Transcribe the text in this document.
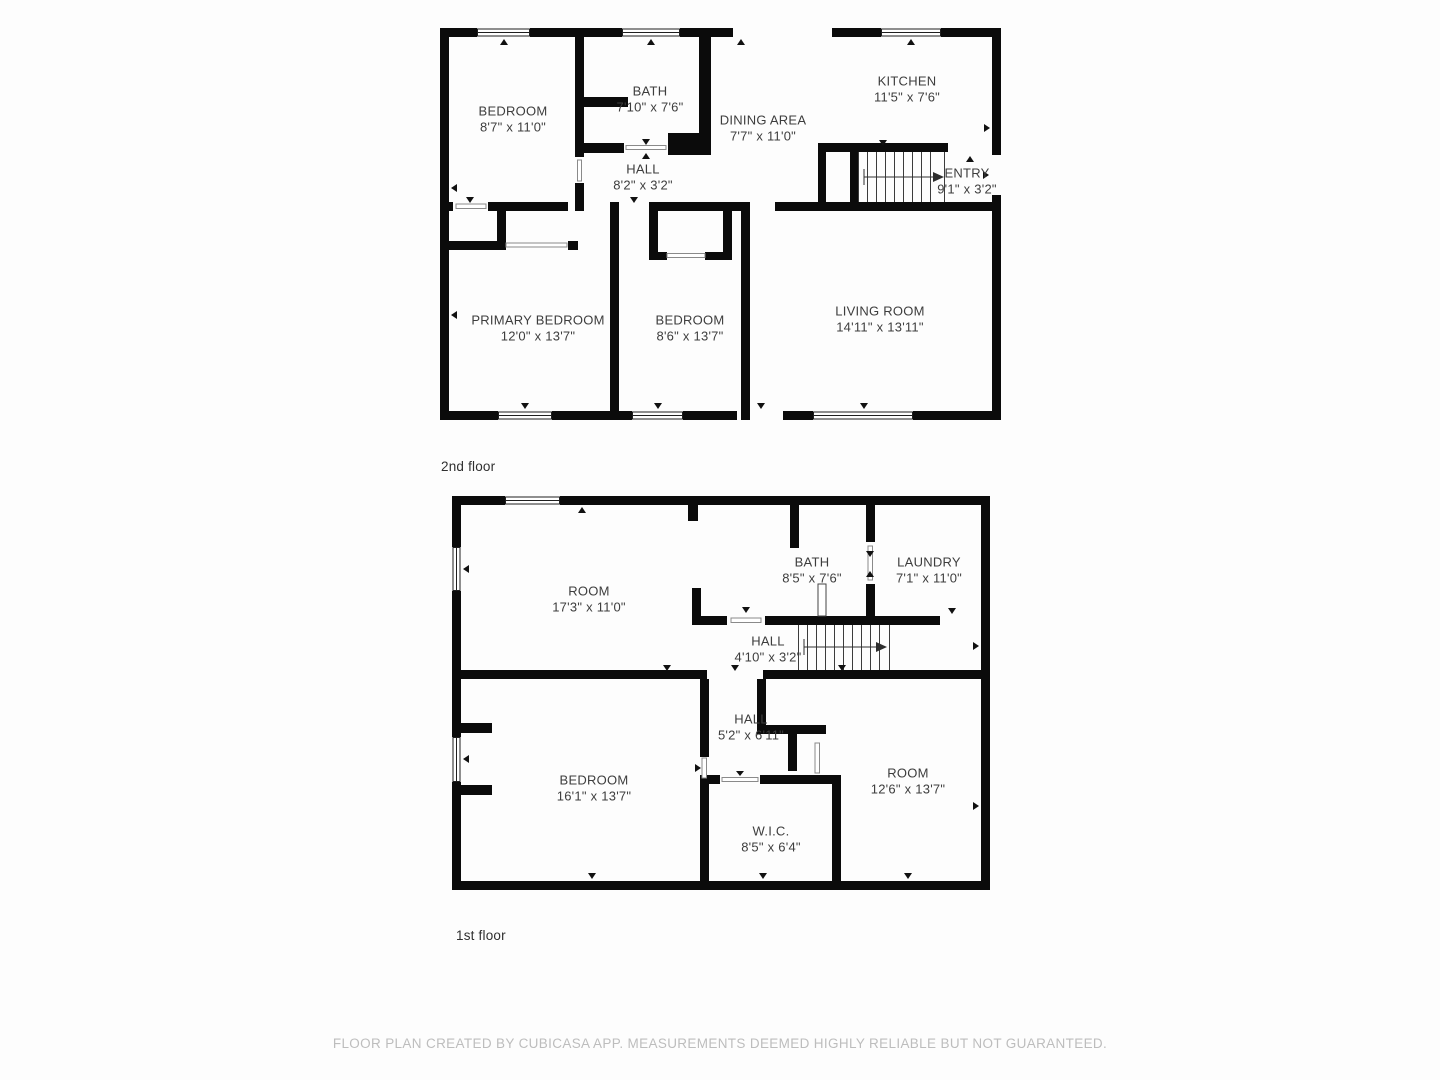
BEDROOM
8'7" x 11'0"
BATH
7'10" x 7'6"
DINING AREA
7'7" x 11'0"
KITCHEN
11'5" x 7'6"
HALL
8'2" x 3'2"
ENTRY
9'1" x 3'2"
PRIMARY BEDROOM
12'0" x 13'7"
BEDROOM
8'6" x 13'7"
LIVING ROOM
14'11" x 13'11"
2nd floor
ROOM
17'3" x 11'0"
BATH
8'5" x 7'6"
LAUNDRY
7'1" x 11'0"
HALL
4'10" x 3'2"
HALL
5'2" x 6'11"
BEDROOM
16'1" x 13'7"
W.I.C.
8'5" x 6'4"
ROOM
12'6" x 13'7"
1st floor
FLOOR PLAN CREATED BY CUBICASA APP. MEASUREMENTS DEEMED HIGHLY RELIABLE BUT NOT GUARANTEED.
